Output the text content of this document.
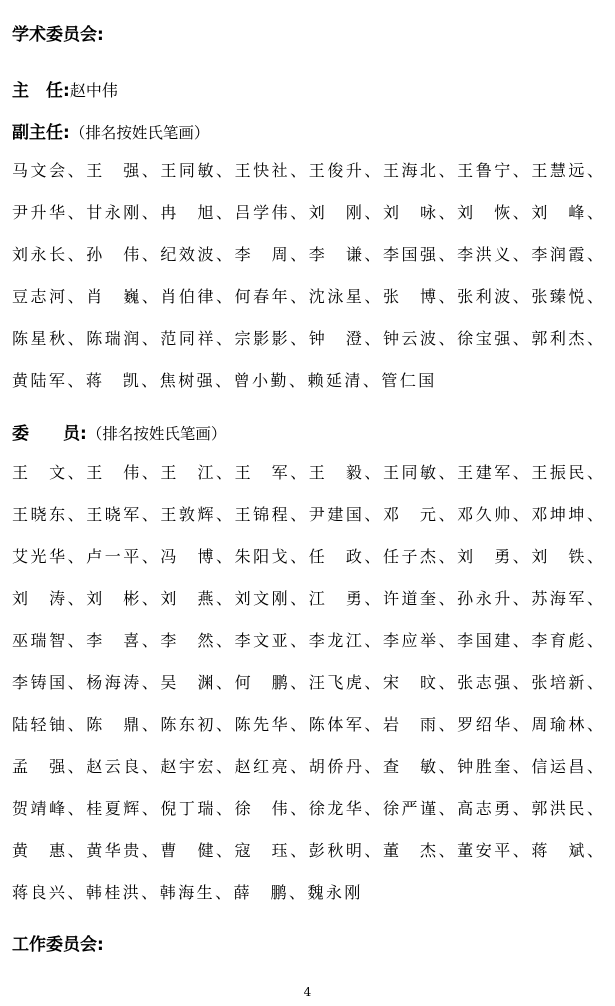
学术委员会:
主　任:赵中伟
副主任:（排名按姓氏笔画）
马文会、王　强、王同敏、王快社、王俊升、王海北、王鲁宁、王慧远、
尹升华、甘永刚、冉　旭、吕学伟、刘　刚、刘　咏、刘　恢、刘　峰、
刘永长、孙　伟、纪效波、李　周、李　谦、李国强、李洪义、李润霞、
豆志河、肖　巍、肖伯律、何春年、沈泳星、张　博、张利波、张臻悦、
陈星秋、陈瑞润、范同祥、宗影影、钟　澄、钟云波、徐宝强、郭利杰、
黄陆军、蒋　凯、焦树强、曾小勤、赖延清、管仁国
委　　员:（排名按姓氏笔画）
王　文、王　伟、王　江、王　军、王　毅、王同敏、王建军、王振民、
王晓东、王晓军、王敦辉、王锦程、尹建国、邓　元、邓久帅、邓坤坤、
艾光华、卢一平、冯　博、朱阳戈、任　政、任子杰、刘　勇、刘　铁、
刘　涛、刘　彬、刘　燕、刘文刚、江　勇、许道奎、孙永升、苏海军、
巫瑞智、李　喜、李　然、李文亚、李龙江、李应举、李国建、李育彪、
李铸国、杨海涛、吴　渊、何　鹏、汪飞虎、宋　旼、张志强、张培新、
陆轻铀、陈　鼎、陈东初、陈先华、陈体军、岩　雨、罗绍华、周瑜林、
孟　强、赵云良、赵宇宏、赵红亮、胡侨丹、查　敏、钟胜奎、信运昌、
贺靖峰、桂夏辉、倪丁瑞、徐　伟、徐龙华、徐严谨、高志勇、郭洪民、
黄　惠、黄华贵、曹　健、寇　珏、彭秋明、董　杰、董安平、蒋　斌、
蒋良兴、韩桂洪、韩海生、薛　鹏、魏永刚
工作委员会:
4
